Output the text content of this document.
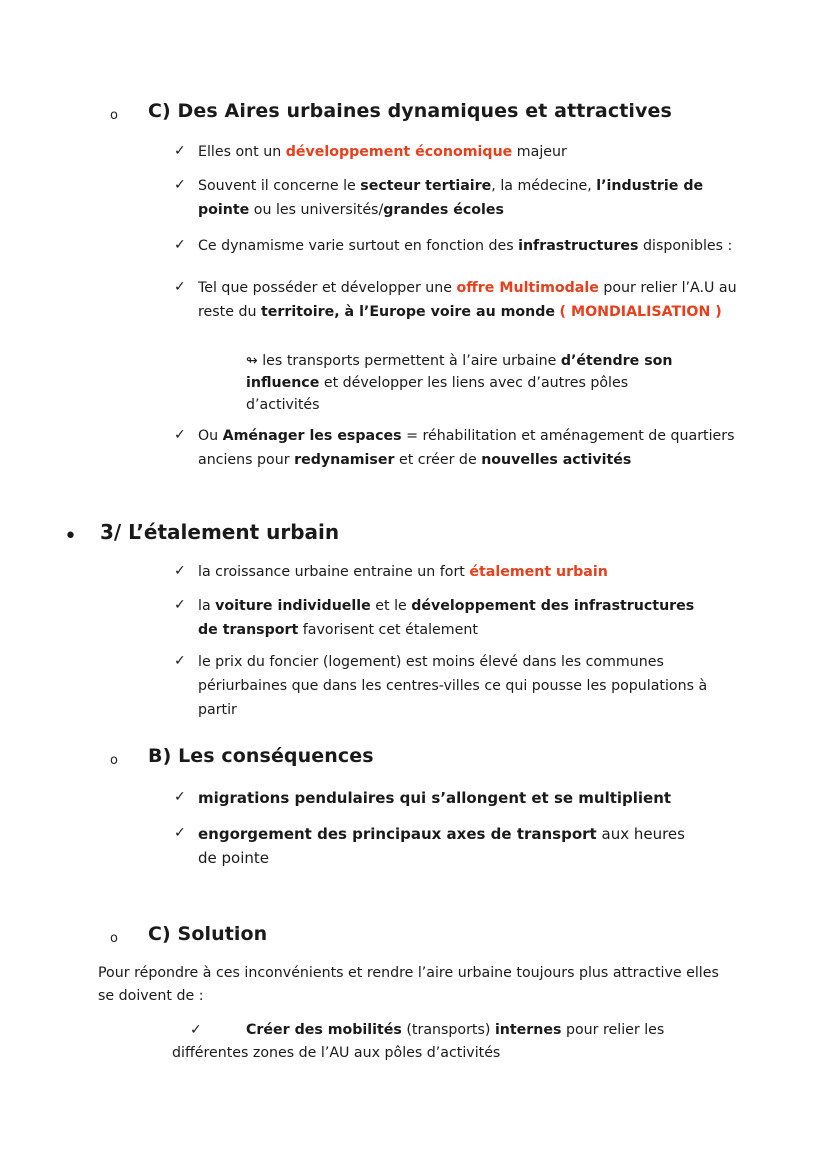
o C) Des Aires urbaines dynamiques et attractives
✓ Elles ont un développement économique majeur
✓ Souvent il concerne le secteur tertiaire, la médecine, l’industrie de pointe ou les universités/grandes écoles
✓ Ce dynamisme varie surtout en fonction des infrastructures disponibles :
✓ Tel que posséder et développer une offre Multimodale pour relier l’A.U au reste du territoire, à l’Europe voire au monde ( MONDIALISATION )
↬ les transports permettent à l’aire urbaine d’étendre son influence et développer les liens avec d’autres pôles d’activités
✓ Ou Aménager les espaces = réhabilitation et aménagement de quartiers anciens pour redynamiser et créer de nouvelles activités
• 3/ L’étalement urbain
✓ la croissance urbaine entraine un fort étalement urbain
✓ la voiture individuelle et le développement des infrastructures de transport favorisent cet étalement
✓ le prix du foncier (logement) est moins élevé dans les communes périurbaines que dans les centres-villes ce qui pousse les populations à partir
o B) Les conséquences
✓ migrations pendulaires qui s’allongent et se multiplient
✓ engorgement des principaux axes de transport aux heures de pointe
o C) Solution
Pour répondre à ces inconvénients et rendre l’aire urbaine toujours plus attractive elles se doivent de :
✓	Créer des mobilités (transports) internes pour relier les différentes zones de l’AU aux pôles d’activités
